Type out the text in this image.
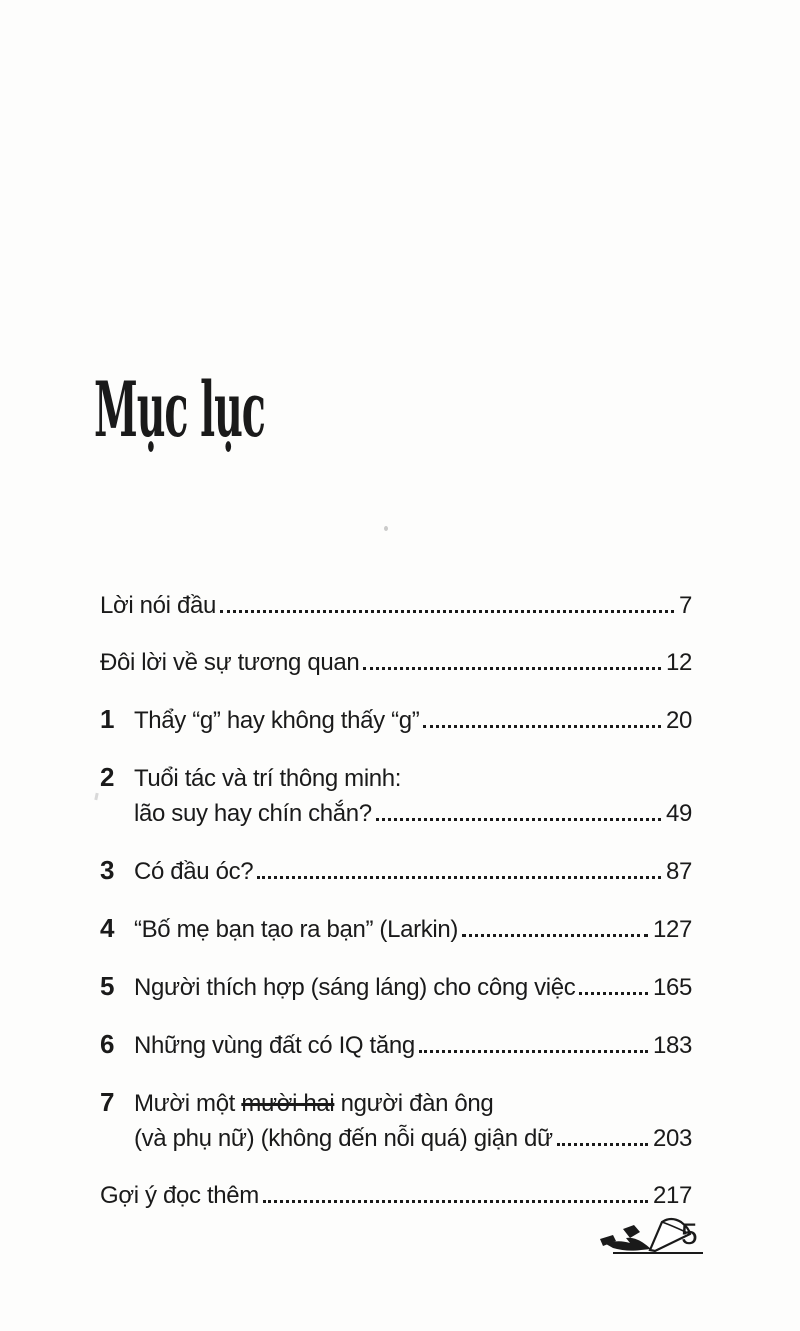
Mục lục
Lời nói đầu	7
Đôi lời về sự tương quan	12
1 Thẩy “g” hay không thấy “g”	20
2 Tuổi tác và trí thông minh:
lão suy hay chín chắn?	49
3 Có đầu óc?	87
4 “Bố mẹ bạn tạo ra bạn” (Larkin)	127
5 Người thích hợp (sáng láng) cho công việc	165
6 Những vùng đất có IQ tăng	183
7 Mười một mười hai người đàn ông
(và phụ nữ) (không đến nỗi quá) giận dữ	203
Gợi ý đọc thêm	217
5
